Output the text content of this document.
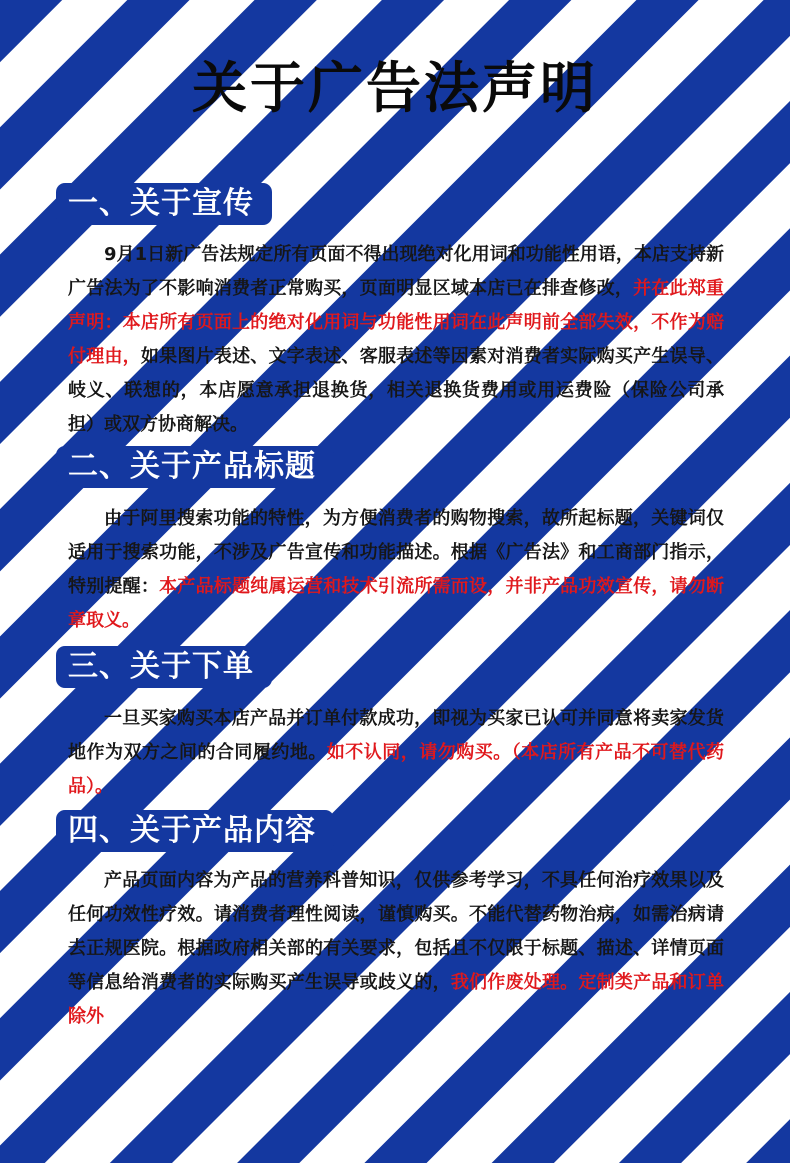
关于广告法声明
一、关于宣传
9月1日新广告法规定所有页面不得出现绝对化用词和功能性用语，本店支持新广告法为了不影响消费者正常购买，页面明显区域本店已在排查修改，并在此郑重声明：本店所有页面上的绝对化用词与功能性用词在此声明前全部失效，不作为赔付理由，如果图片表述、文字表述、客服表述等因素对消费者实际购买产生误导、岐义、联想的，本店愿意承担退换货，相关退换货费用或用运费险（保险公司承担）或双方协商解决。
二、关于产品标题
由于阿里搜索功能的特性，为方便消费者的购物搜索，故所起标题，关键词仅适用于搜索功能，不涉及广告宣传和功能描述。根据《广告法》和工商部门指示，特别提醒：本产品标题纯属运营和技术引流所需而设，并非产品功效宣传，请勿断章取义。
三、关于下单
一旦买家购买本店产品并订单付款成功，即视为买家已认可并同意将卖家发货地作为双方之间的合同履约地。如不认同，请勿购买。（本店所有产品不可替代药品）。
四、关于产品内容
产品页面内容为产品的营养科普知识，仅供参考学习，不具任何治疗效果以及任何功效性疗效。请消费者理性阅读，谨慎购买。不能代替药物治病，如需治病请去正规医院。根据政府相关部的有关要求，包括且不仅限于标题、描述、详情页面等信息给消费者的实际购买产生误导或歧义的，我们作废处理。定制类产品和订单除外
